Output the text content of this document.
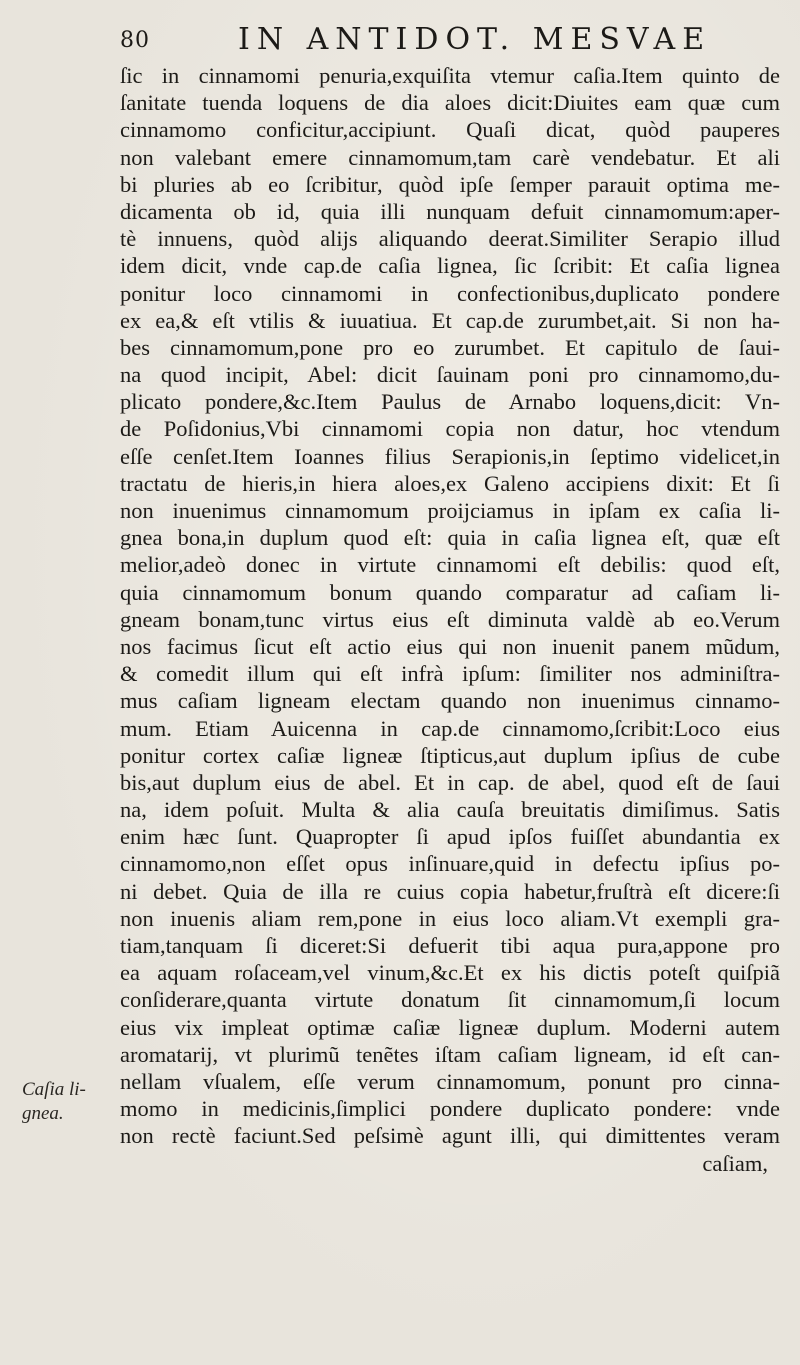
80	IN ANTIDOT. MESVAE
Caſia li-
gnea.
ſic in cinnamomi penuria,exquiſita vtemur caſia.Item quinto de
ſanitate tuenda loquens de dia aloes dicit:Diuites eam quæ cum
cinnamomo conficitur,accipiunt. Quaſi dicat, quòd pauperes
non valebant emere cinnamomum,tam carè vendebatur. Et ali
bi pluries ab eo ſcribitur, quòd ipſe ſemper parauit optima me-
dicamenta ob id, quia illi nunquam defuit cinnamomum:aper-
tè innuens, quòd alijs aliquando deerat.Similiter Serapio illud
idem dicit, vnde cap.de caſia lignea, ſic ſcribit: Et caſia lignea
ponitur loco cinnamomi in confectionibus,duplicato pondere
ex ea,& eſt vtilis & iuuatiua. Et cap.de zurumbet,ait. Si non ha-
bes cinnamomum,pone pro eo zurumbet. Et capitulo de ſaui-
na quod incipit, Abel: dicit ſauinam poni pro cinnamomo,du-
plicato pondere,&c.Item Paulus de Arnabo loquens,dicit: Vn-
de Poſidonius,Vbi cinnamomi copia non datur, hoc vtendum
eſſe cenſet.Item Ioannes filius Serapionis,in ſeptimo videlicet,in
tractatu de hieris,in hiera aloes,ex Galeno accipiens dixit: Et ſi
non inuenimus cinnamomum proijciamus in ipſam ex caſia li-
gnea bona,in duplum quod eſt: quia in caſia lignea eſt, quæ eſt
melior,adeò donec in virtute cinnamomi eſt debilis: quod eſt,
quia cinnamomum bonum quando comparatur ad caſiam li-
gneam bonam,tunc virtus eius eſt diminuta valdè ab eo.Verum
nos facimus ſicut eſt actio eius qui non inuenit panem mũdum,
& comedit illum qui eſt infrà ipſum: ſimiliter nos adminiſtra-
mus caſiam ligneam electam quando non inuenimus cinnamo-
mum. Etiam Auicenna in cap.de cinnamomo,ſcribit:Loco eius
ponitur cortex caſiæ ligneæ ſtipticus,aut duplum ipſius de cube
bis,aut duplum eius de abel. Et in cap. de abel, quod eſt de ſaui
na, idem poſuit. Multa & alia cauſa breuitatis dimiſimus. Satis
enim hæc ſunt. Quapropter ſi apud ipſos fuiſſet abundantia ex
cinnamomo,non eſſet opus inſinuare,quid in defectu ipſius po-
ni debet. Quia de illa re cuius copia habetur,fruſtrà eſt dicere:ſi
non inuenis aliam rem,pone in eius loco aliam.Vt exempli gra-
tiam,tanquam ſi diceret:Si defuerit tibi aqua pura,appone pro
ea aquam roſaceam,vel vinum,&c.Et ex his dictis poteſt quiſpiã
conſiderare,quanta virtute donatum ſit cinnamomum,ſi locum
eius vix impleat optimæ caſiæ ligneæ duplum. Moderni autem
aromatarij, vt plurimũ tenẽtes iſtam caſiam ligneam, id eſt can-
nellam vſualem, eſſe verum cinnamomum, ponunt pro cinna-
momo in medicinis,ſimplici pondere duplicato pondere: vnde
non rectè faciunt.Sed peſsimè agunt illi, qui dimittentes veram
caſiam,
